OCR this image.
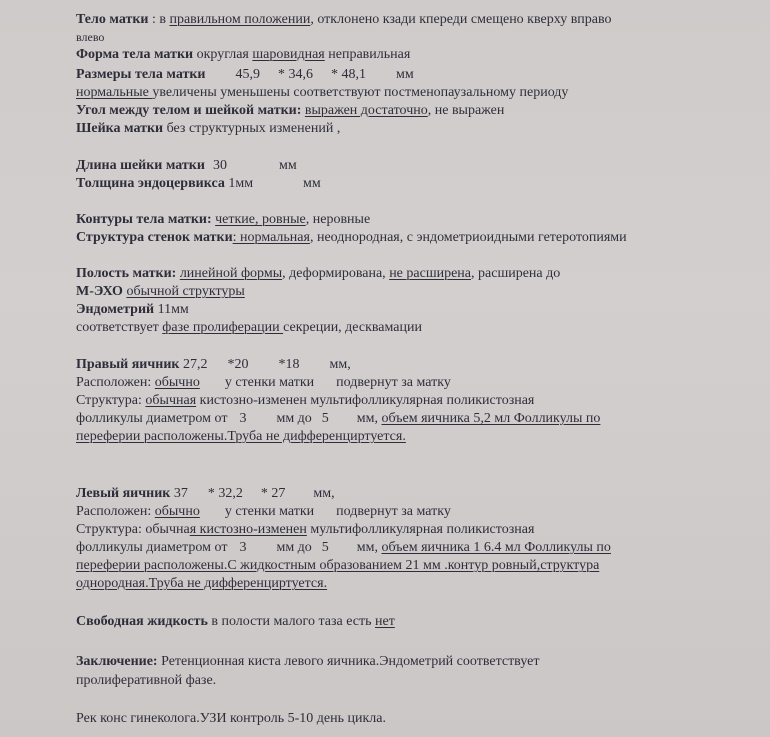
Тело матки : в правильном положении, отклонено кзади кпереди смещено кверху вправо
влево
Форма тела матки округлая шаровидная неправильная
Размеры тела матки 45,9 * 34,6 * 48,1 мм
нормальные увеличены уменьшены соответствуют постменопаузальному периоду
Угол между телом и шейкой матки: выражен достаточно, не выражен
Шейка матки без структурных изменений ,
Длина шейки матки 30	мм
Толщина эндоцервикса 1мм	мм
Контуры тела матки: четкие, ровные, неровные
Структура стенок матки: нормальная, неоднородная, с эндометриоидными гетеротопиями
Полость матки: линейной формы, деформирована, не расширена, расширена до
М-ЭХО обычной структуры
Эндометрий 11мм
соответствует фазе пролиферации секреции, десквамации
Правый яичник 27,2 *20 *18 мм,
Расположен: обычно у стенки матки подвернут за матку
Структура: обычная кистозно-изменен мультифолликулярная поликистозная
фолликулы диаметром от 3 мм до 5 мм, объем яичника 5,2 мл Фолликулы по
переферии расположены.Труба не дифференциртуется.
Левый яичник 37 * 32,2 * 27 мм,
Расположен: обычно у стенки матки подвернут за матку
Структура: обычная кистозно-изменен мультифолликулярная поликистозная
фолликулы диаметром от 3 мм до 5 мм, объем яичника 1 6.4 мл Фолликулы по
переферии расположены.С жидкостным образованием 21 мм .контур ровный,структура
однородная.Труба не дифференциртуется.
Свободная жидкость в полости малого таза есть нет
Заключение: Ретенционная киста левого яичника.Эндометрий соответствует
пролиферативной фазе.
Рек конс гинеколога.УЗИ контроль 5-10 день цикла.
